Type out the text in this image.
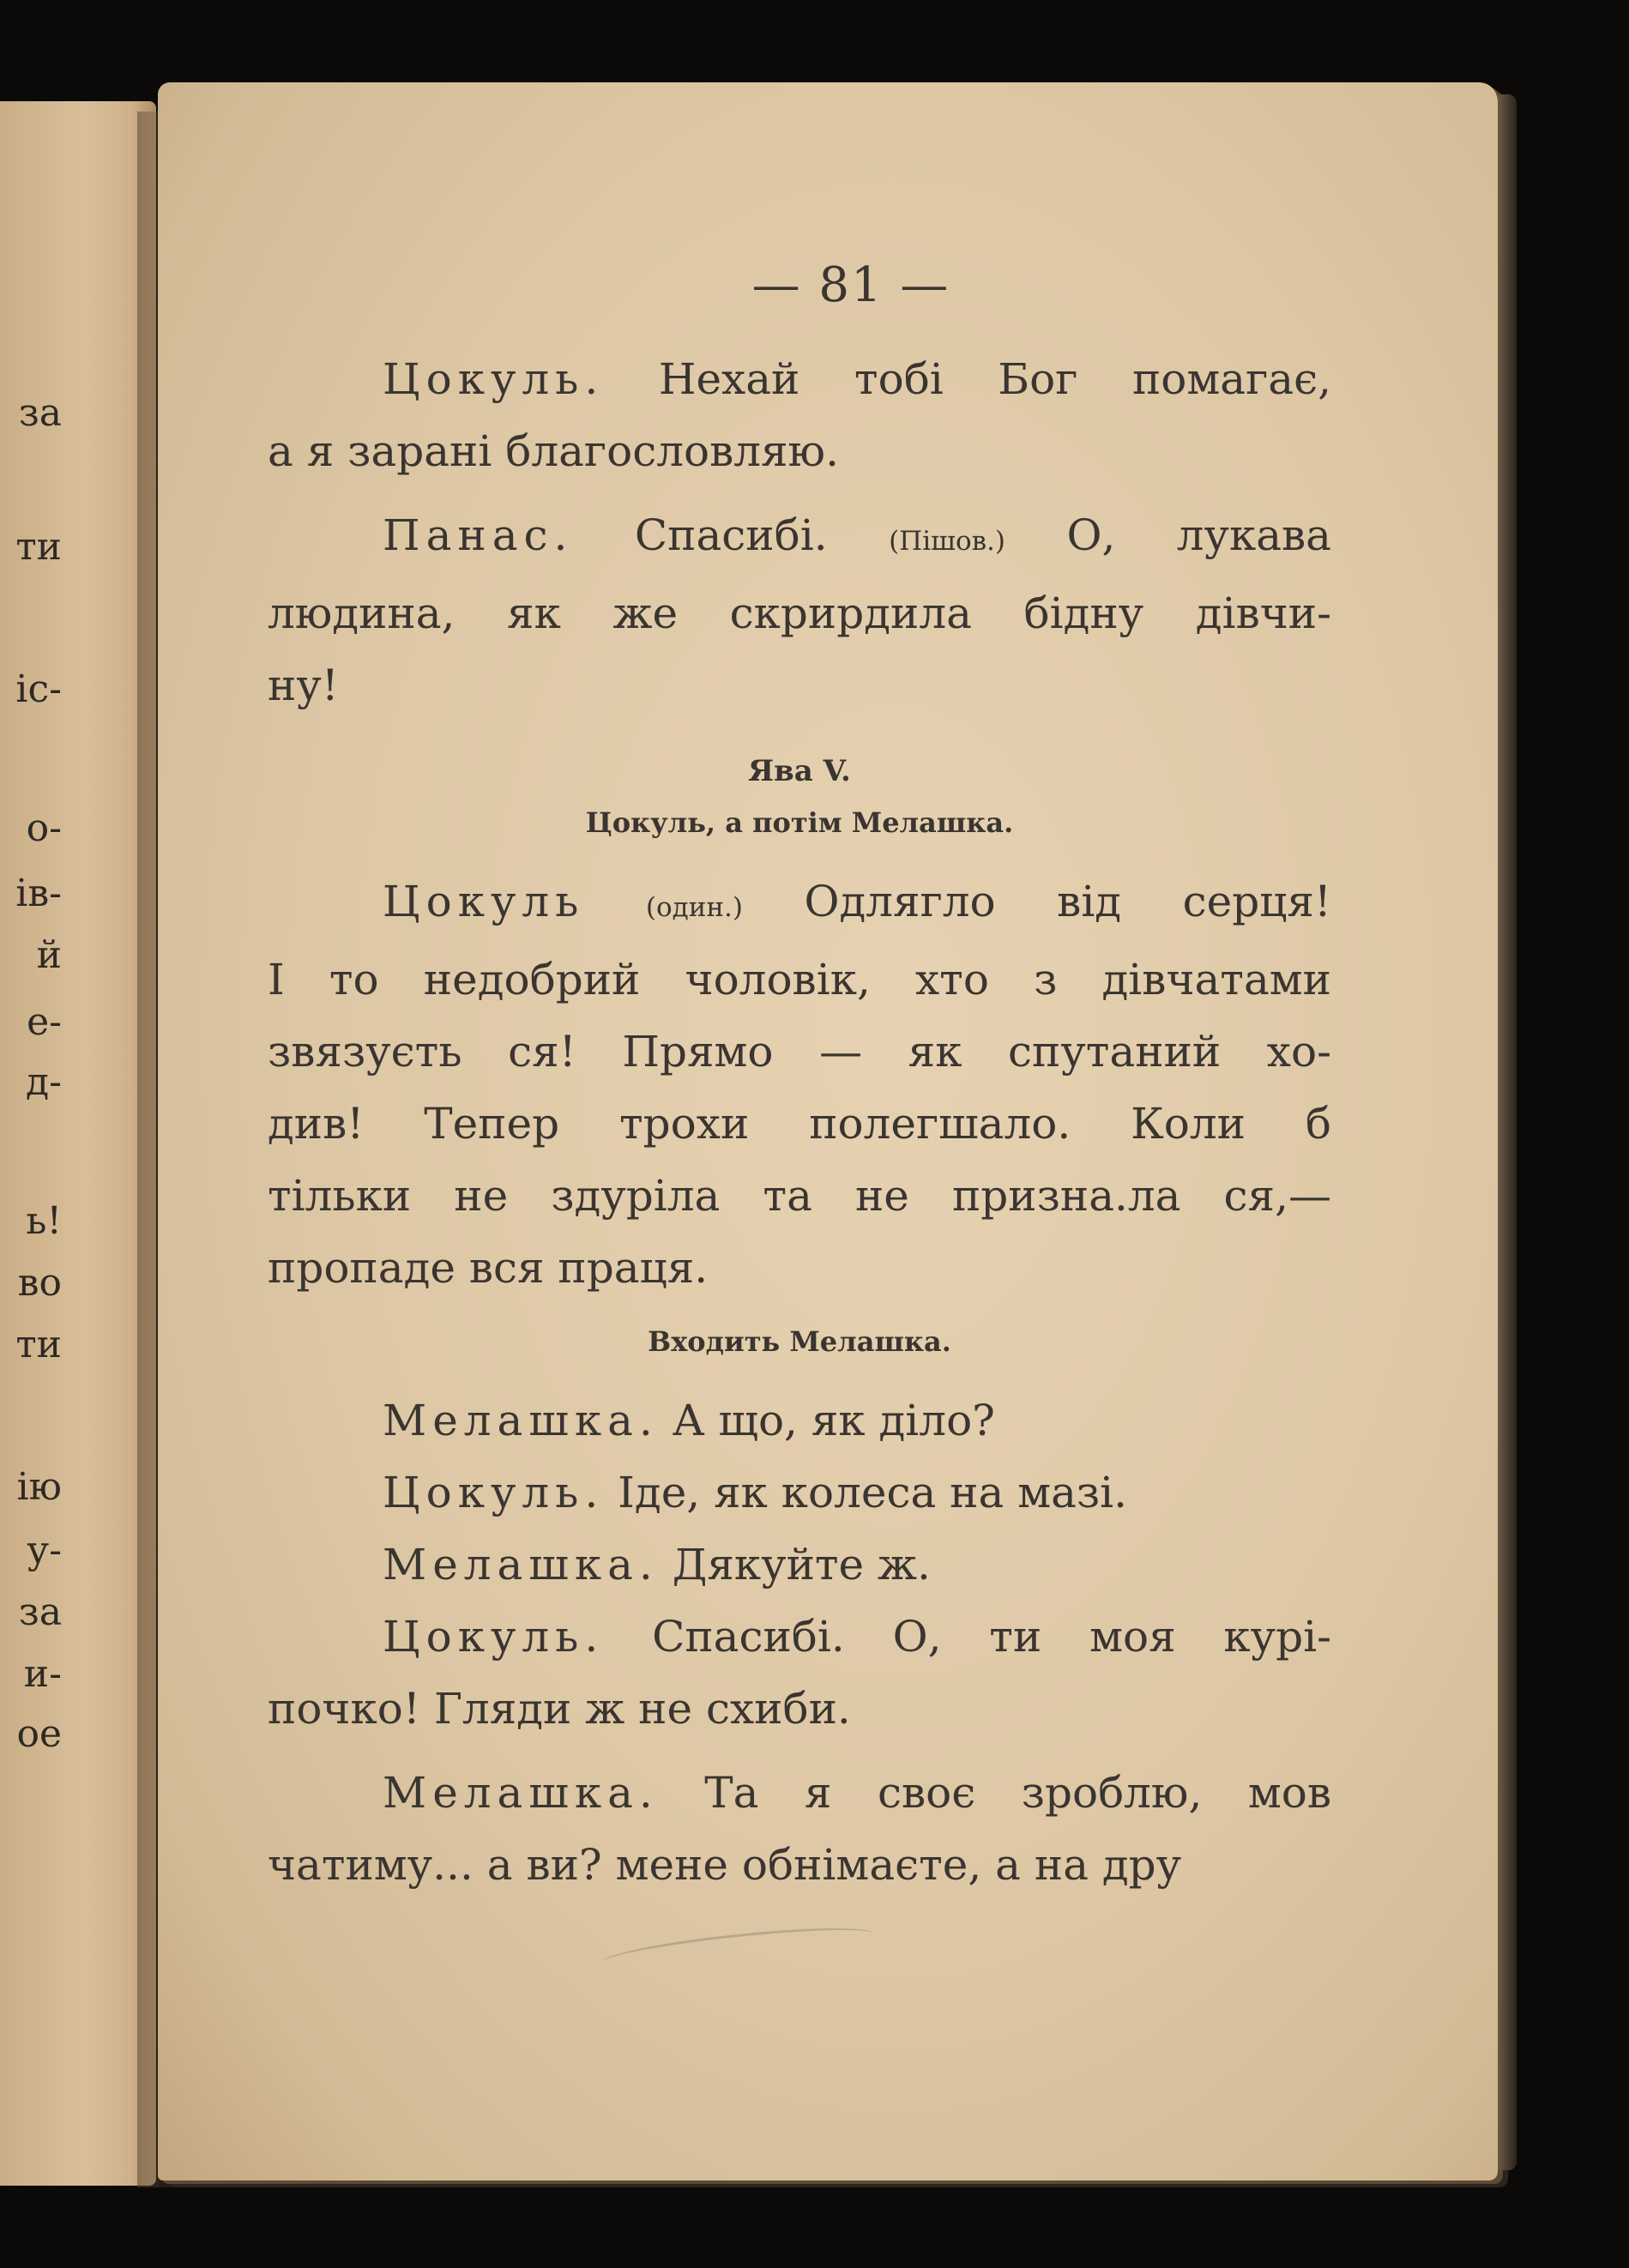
за
ти
іс-
о-
ів-
й
е-
д-
ь!
во
ти
ію
у-
за
и-
ое
— 81 —
Цокуль. Нехай тобі Бог помагає,
а я зарані благословляю.
Панас. Спасибі. (Пішов.) О, лукава
людина, як же скрирдила бідну дівчи-
ну!
Ява V.
Цокуль, а потім Мелашка.
Цокуль (один.) Одлягло від серця!
І то недобрий чоловік, хто з дівчатами
звязуєть ся! Прямо — як спутаний хо-
див! Тепер трохи полегшало. Коли б
тільки не здуріла та не призна.ла ся,—
пропаде вся праця.
Входить Мелашка.
Мелашка. А що, як діло?
Цокуль. Іде, як колеса на мазі.
Мелашка. Дякуйте ж.
Цокуль. Спасибі. О, ти моя курі-
почко! Гляди ж не схиби.
Мелашка. Та я своє зроблю, мов
чатиму... а ви? мене обнімаєте, а на дру
